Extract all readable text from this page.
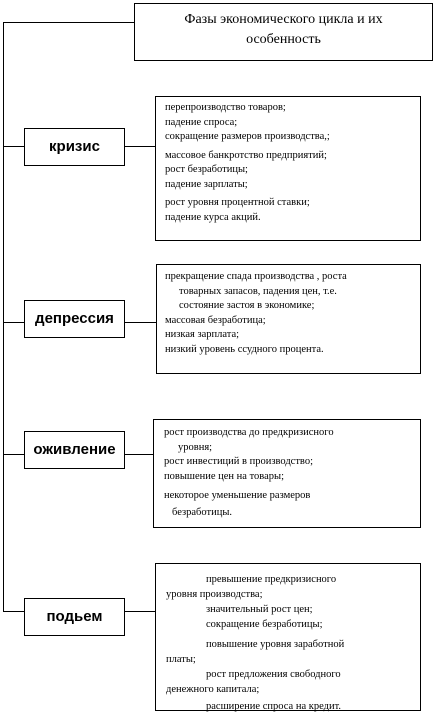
Фазы экономического цикла и их
особенность
кризис
депрессия
оживление
подьем
перепроизводство товаров;
падение спроса;
сокращение размеров производства,;
массовое банкротство предприятий;
рост безработицы;
падение зарплаты;
рост уровня процентной ставки;
падение курса акций.
прекращение спада производства , роста
товарных запасов, падения цен, т.е.
состояние застоя в экономике;
массовая безработица;
низкая зарплата;
низкий уровень ссудного процента.
рост производства до предкризисного
уровня;
рост инвестиций в производство;
повышение цен на товары;
некоторое уменьшение размеров
безработицы.
превышение предкризисного
уровня производства;
значительный рост цен;
сокращение безработицы;
повышение уровня заработной
платы;
рост предложения свободного
денежного капитала;
расширение спроса на кредит.
